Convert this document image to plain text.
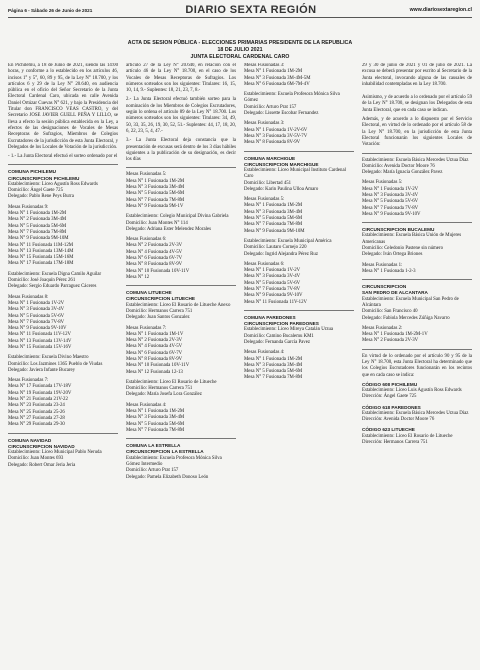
Página 6 - Sábado 26 de Junio de 2021	DIARIO SEXTA REGIÓN	www.diariosextaregion.cl
ACTA DE SESION PÚBLICA - ELECCIONES PRIMARIAS PRESIDENTE DE LA REPUBLICA
18 DE JULIO 2021
JUNTA ELECTORAL CARDENAL CARO

En Pichilemu, a 18 de Junio de 2021, siendo las 14:00 horas, y conforme a lo establecido en los artículos 46, incisos 1° y 5°, 60, 89 y 95, de la Ley N° 18.700, y los artículos 6 y 29 de la Ley N° 20.640, en audiencia pública en el oficio del Señor Secretario de la Junta Electoral Cardenal Caro, ubicada en calle Avenida Daniel Ortúzar Cuevas N° 621, y bajo la Presidencia del Titular don FRANCISCO VEAS CASTRO, y del Secretario JOSE JAVIER GUELL PEÑA Y LILLO, se lleva a efecto la sesión pública establecida en la Ley, a efectos de las designaciones de Vocales de Mesas Receptoras de Sufragios, Miembros de Colegios Escrutadores de la jurisdicción de esta Junta Electoral, y Delegados de los Locales de Votación de la jurisdicción.

- 1.- La Junta Electoral efectuó el sorteo ordenado por el

COMUNA PICHILEMU
CIRCUNSCRIPCION PICHILEMU
Establecimiento: Liceo Agustín Ross Edwards
Domicilio: Ángel Gaete 725
Delegado: Pablo Rene Peys Burra
Mesas Fusionadas 9:
Mesa N° 1 Fusionada 1M-2M
Mesa N° 2 Fusionada 3M-4M
Mesa N° 5 Fusionada 5M-6M
Mesa N° 7 Fusionada 7M-8M
Mesa N° 9 Fusionada 9M-10M
Mesa N° 11 Fusionada 11M-12M
Mesa N° 13 Fusionada 13M-14M
Mesa N° 15 Fusionada 15M-16M
Mesa N° 17 Fusionada 17M-18M
Establecimiento: Escuela Digna Camilo Aguilar
Domicilio: José Joaquín Pérez 261
Delegado: Sergio Eduardo Parraguez Cáceres
Mesas Fusionadas 8:
Mesa N° 1 Fusionada 1V-2V
Mesa N° 3 Fusionada 3V-4V
Mesa N° 5 Fusionada 5V-6V
Mesa N° 7 Fusionada 7V-8V
Mesa N° 9 Fusionada 9V-10V
Mesa N° 11 Fusionada 11V-12V
Mesa N° 13 Fusionada 13V-14V
Mesa N° 15 Fusionada 15V-16V
Establecimiento: Escuela Divino Maestro
Domicilio: Los Jazmines 1365 Pueblo de Viudas
Delegado: Javiera Infante Bucarey
Mesas Fusionadas 7:
Mesa N° 17 Fusionada 17V-18V
Mesa N° 19 Fusionada 19V-20V
Mesa N° 21 Fusionada 21V-22
Mesa N° 23 Fusionada 23-24
Mesa N° 25 Fusionada 25-26
Mesa N° 27 Fusionada 27-28
Mesa N° 29 Fusionada 29-30
COMUNA NAVIDAD
CIRCUNSCRIPCION NAVIDAD
Establecimiento: Liceo Municipal Pablo Neruda
Domicilio: Juan Montes 693
Delegado: Robert Omar Jeria Jeria

artículo 27 de la Ley N° 20.640, en relación con el artículo 46 de la Ley N° 18.700, en el caso de los Vocales de Mesas Receptoras de Sufragios. Los números sorteados son los siguientes: Titulares: 16, 15, 10, 14, 9.- Suplentes: 18, 21, 23, 7, 8.-

2.- La Junta Electoral efectuó también sorteo para la nominación de los Miembros de Colegios Escrutadores, según lo ordena el artículo 89 de la Ley N° 18.700. Los números sorteados son los siguientes: Titulares: 34, 49, 50, 33, 35, 26, 19, 30, 52, 51.- Suplentes: 44, 17, 18, 20, 6, 22, 23, 5, 4, 47.-

3.- La Junta Electoral deja constancia que la presentación de excusas será dentro de los 3 días hábiles siguientes a la publicación de su designación, es decir los días

Mesas Fusionadas 5:
Mesa N° 1 Fusionada 1M-2M
Mesa N° 3 Fusionada 3M-4M
Mesa N° 5 Fusionada 5M-6M
Mesa N° 7 Fusionada 7M-8M
Mesa N° 9 Fusionada 9M-1V
Establecimiento: Colegio Municipal Divina Gabriela
Domicilio: Juan Montes N° 114
Delegado: Adriana Ester Melendez Morales
Mesas Fusionadas 6:
Mesa N° 2 Fusionada 2V-3V
Mesa N° 4 Fusionada 4V-5V
Mesa N° 6 Fusionada 6V-7V
Mesa N° 8 Fusionada 8V-9V
Mesa N° 10 Fusionada 10V-11V
Mesa N° 12
COMUNA LITUECHE
CIRCUNSCRIPCION LITUECHE
Establecimiento: Liceo El Rosario de Litueche Anexo
Domicilio: Hermanos Carrera 751
Delegado: Juan Santos Gonzalez
Mesas Fusionadas 7:
Mesa N° 1 Fusionada 1M-1V
Mesa N° 2 Fusionada 2V-3V
Mesa N° 4 Fusionada 4V-5V
Mesa N° 6 Fusionada 6V-7V
Mesa N° 8 Fusionada 8V-9V
Mesa N° 10 Fusionada 10V-11V
Mesa N° 12 Fusionada 12-13
Establecimiento: Liceo El Rosario de Litueche
Domicilio: Hermanos Carrera 751
Delegado: María Josefa Lora González
Mesas Fusionadas 4:
Mesa N° 1 Fusionada 1M-2M
Mesa N° 3 Fusionada 3M-4M
Mesa N° 5 Fusionada 5M-6M
Mesa N° 7 Fusionada 7M-8M
COMUNA LA ESTRELLA
CIRCUNSCRIPCION LA ESTRELLA
Establecimiento: Escuela Profesora Mónica Silva Gómez Intermedio
Domicilio: Arturo Prat 157
Delegado: Pamela Elizabeth Donoso León
Mesas Fusionadas 3:
Mesa N° 1 Fusionada 1M-2M
Mesa N° 3 Fusionada 3M-4M-5M
Mesa N° 6 Fusionada 6M-7M-4V
Establecimiento: Escuela Profesora Mónica Silva Gómez
Domicilio: Arturo Prat 157
Delegado: Lissette Escobar Fernandez
Mesas Fusionadas 3:
Mesa N° 1 Fusionada 1V-2V-6V
Mesa N° 3 Fusionada 3V-5V-7V
Mesa N° 8 Fusionada 8V-9V
COMUNA MARCHIGUE
CIRCUNSCRIPCION MARCHIGUE
Establecimiento: Liceo Municipal Instituto Cardenal Caro
Domicilio: Libertad 451
Delegado: Karin Paulina Ulloa Amaro
Mesas Fusionadas 5:
Mesa N° 1 Fusionada 1M-2M
Mesa N° 3 Fusionada 3M-4M
Mesa N° 5 Fusionada 5M-6M
Mesa N° 7 Fusionada 7M-8M
Mesa N° 9 Fusionada 9M-10M
Establecimiento: Escuela Municipal América
Domicilio: Lautaro Cornejo 220
Delegado: Ingrid Alejandra Pérez Ruz
Mesas Fusionadas 6:
Mesa N° 1 Fusionada 1V-2V
Mesa N° 3 Fusionada 3V-4V
Mesa N° 5 Fusionada 5V-6V
Mesa N° 7 Fusionada 7V-8V
Mesa N° 9 Fusionada 9V-10V
Mesa N° 11 Fusionada 11V-12V
COMUNA PAREDONES
CIRCUNSCRIPCION PAREDONES
Establecimiento: Liceo Mireya Catalán Urzua
Domicilio: Camino Bucalemu KM1
Delegado: Fernanda García Pavez
Mesas Fusionadas 4:
Mesa N° 1 Fusionada 1M-2M
Mesa N° 3 Fusionada 3M-4M
Mesa N° 5 Fusionada 5M-6M
Mesa N° 7 Fusionada 7M-8M

29 y 30 de junio de 2021 y 01 de julio de 2021. La excusa se deberá presentar por escrito al Secretario de la Junta electoral, invocando alguna de las causales de inhabilidad contempladas en la Ley 18.700.

Asimismo, y de acuerdo a lo ordenado por el artículo 59 de la Ley N° 18.700, se designan los Delegados de esta Junta Electoral, que en cada caso se indican.

Además, y de acuerdo a lo dispuesto por el Servicio Electoral, en virtud de lo ordenado por el artículo 58 de la Ley N° 18.700, en la jurisdicción de esta Junta Electoral funcionarán los siguientes Locales de Votación:

Establecimiento: Escuela Básica Mercedes Urzua Díaz
Domicilio: Avenida Doctor Moore 76
Delegado: María Ignacia González Pavez
Mesas Fusionadas 5:
Mesa N° 1 Fusionada 1V-2V
Mesa N° 3 Fusionada 3V-4V
Mesa N° 5 Fusionada 5V-6V
Mesa N° 7 Fusionada 7V-8V
Mesa N° 9 Fusionada 9V-10V
CIRCUNSCRIPCION BUCALEMU
Establecimiento: Escuela Básica Unión de Mujeres Americanas
Domicilio: Celedonio Pastene sin número
Delegado: Iván Ortega Briones
Mesas Fusionadas 1:
Mesa N° 1 Fusionada 1-2-3
CIRCUNSCRIPCION
SAN PEDRO DE ALCANTARA
Establecimiento: Escuela Municipal San Pedro de Alcántara
Domicilio: San Francisco 40
Delegado: Fabiola Mercedes Zúñiga Navarro
Mesas Fusionadas 2:
Mesa N° 1 Fusionada 1M-2M-1V
Mesa N° 2 Fusionada 2V-3V

En virtud de lo ordenado por el artículo 90 y 95 de la Ley N° 18.700, esta Junta Electoral ha determinado que los Colegios Escrutadores funcionarán en los recintos que en cada caso se indica:

CÓDIGO 608 PICHILEMU
Establecimiento: Liceo Luis Agustín Ross Edwards
Dirección: Ángel Gaete 725
CÓDIGO 618 PAREDONES
Establecimiento: Escuela Básica Mercedes Urzua Díaz
Dirección: Avenida Doctor Moore 76
CÓDIGO 623 LITUECHE
Establecimiento: Liceo El Rosario de Litueche
Dirección: Hermanos Carrera 751
